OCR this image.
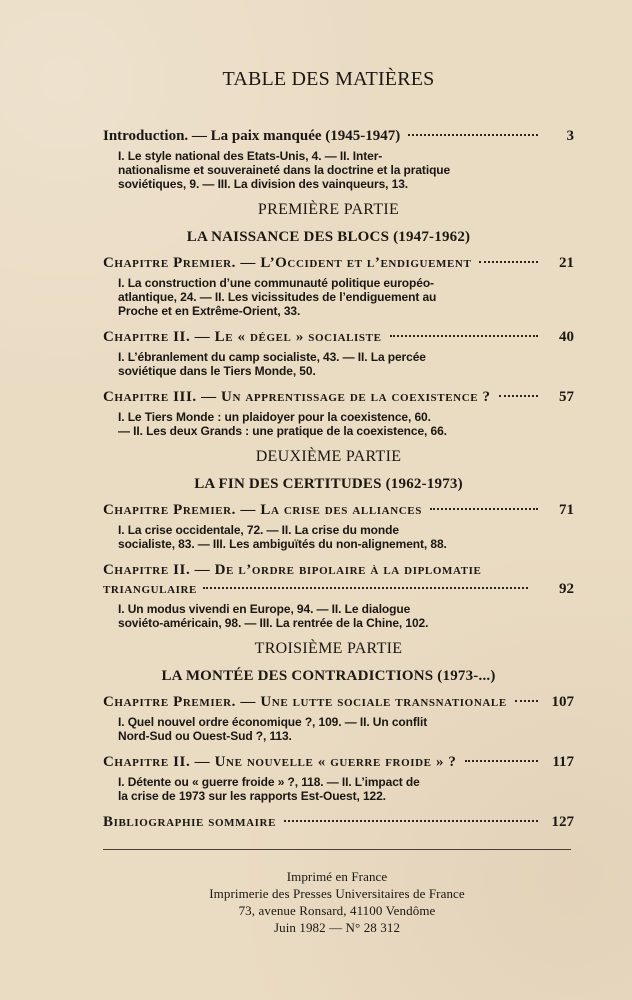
TABLE DES MATIÈRES
Introduction. — La paix manquée (1945-1947)	3
I. Le style national des Etats-Unis, 4. — II. Inter-
nationalisme et souveraineté dans la doctrine et la pratique
soviétiques, 9. — III. La division des vainqueurs, 13.
PREMIÈRE PARTIE
LA NAISSANCE DES BLOCS (1947-1962)
Chapitre Premier. — L’Occident et l’endiguement	21
I. La construction d’une communauté politique européo-
atlantique, 24. — II. Les vicissitudes de l’endiguement au
Proche et en Extrême-Orient, 33.
Chapitre II. — Le « dégel » socialiste	40
I. L’ébranlement du camp socialiste, 43. — II. La percée
soviétique dans le Tiers Monde, 50.
Chapitre III. — Un apprentissage de la coexistence ?	57
I. Le Tiers Monde : un plaidoyer pour la coexistence, 60.
— II. Les deux Grands : une pratique de la coexistence, 66.
DEUXIÈME PARTIE
LA FIN DES CERTITUDES (1962-1973)
Chapitre Premier. — La crise des alliances	71
I. La crise occidentale, 72. — II. La crise du monde
socialiste, 83. — III. Les ambiguïtés du non-alignement, 88.
Chapitre II. — De l’ordre bipolaire à la diplomatie
triangulaire	92
I. Un modus vivendi en Europe, 94. — II. Le dialogue
soviéto-américain, 98. — III. La rentrée de la Chine, 102.
TROISIÈME PARTIE
LA MONTÉE DES CONTRADICTIONS (1973-...)
Chapitre Premier. — Une lutte sociale transnationale	107
I. Quel nouvel ordre économique ?, 109. — II. Un conflit
Nord-Sud ou Ouest-Sud ?, 113.
Chapitre II. — Une nouvelle « guerre froide » ?	117
I. Détente ou « guerre froide » ?, 118. — II. L’impact de
la crise de 1973 sur les rapports Est-Ouest, 122.
Bibliographie sommaire	127
Imprimé en France
Imprimerie des Presses Universitaires de France
73, avenue Ronsard, 41100 Vendôme
Juin 1982 — N° 28 312
